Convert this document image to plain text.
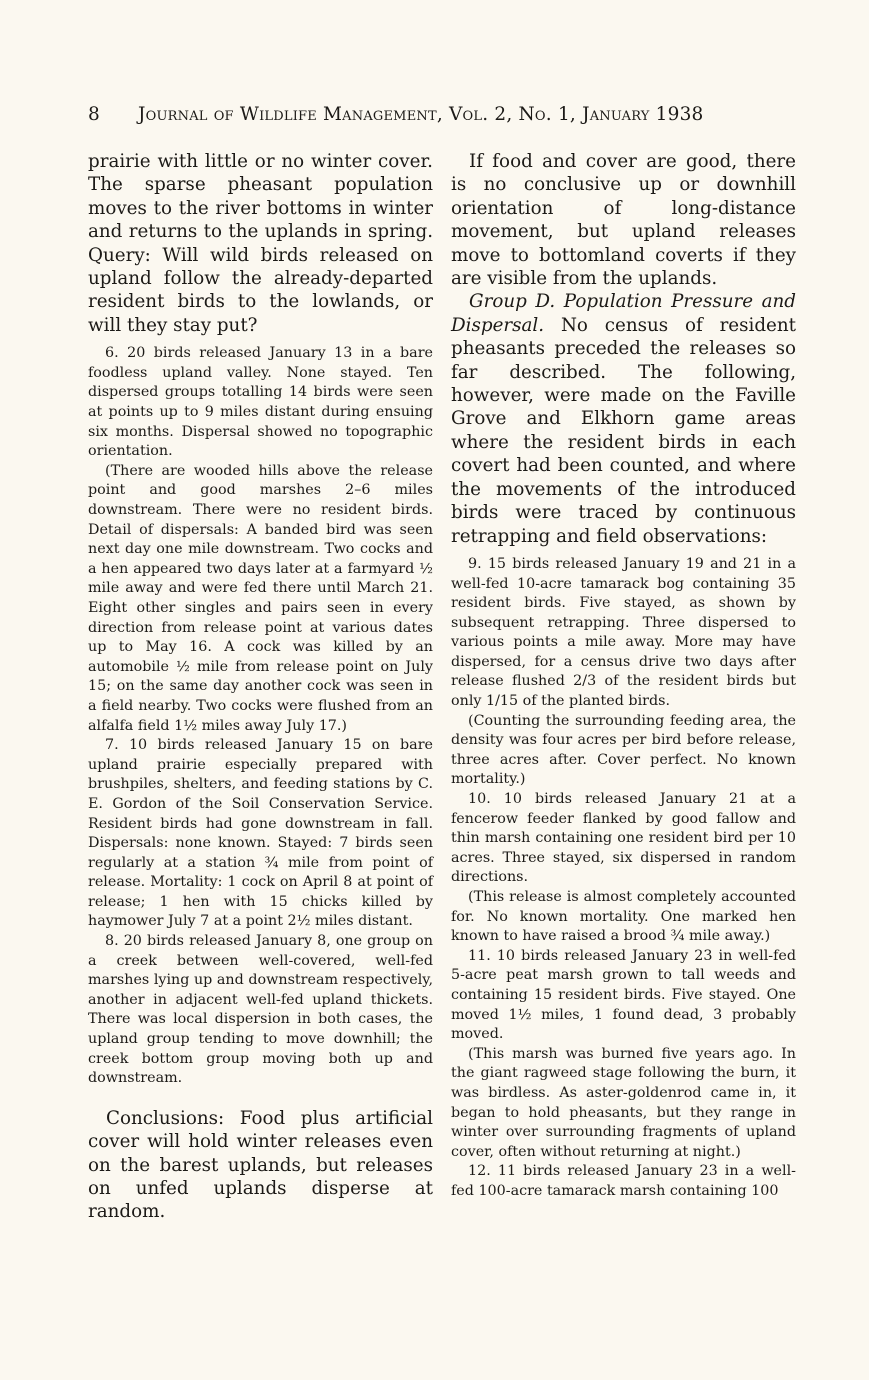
8 Journal of Wildlife Management, Vol. 2, No. 1, January 1938

prairie with little or no winter cover. The sparse pheasant population moves to the river bottoms in winter and returns to the uplands in spring. Query: Will wild birds released on upland follow the already-departed resident birds to the lowlands, or will they stay put?

6. 20 birds released January 13 in a bare foodless upland valley. None stayed. Ten dispersed groups totalling 14 birds were seen at points up to 9 miles distant during ensuing six months. Dispersal showed no topographic orientation.

(There are wooded hills above the release point and good marshes 2–6 miles downstream. There were no resident birds. Detail of dispersals: A banded bird was seen next day one mile downstream. Two cocks and a hen appeared two days later at a farmyard ½ mile away and were fed there until March 21. Eight other singles and pairs seen in every direction from release point at various dates up to May 16. A cock was killed by an automobile ½ mile from release point on July 15; on the same day another cock was seen in a field nearby. Two cocks were flushed from an alfalfa field 1½ miles away July 17.)

7. 10 birds released January 15 on bare upland prairie especially prepared with brushpiles, shelters, and feeding stations by C. E. Gordon of the Soil Conservation Service. Resident birds had gone downstream in fall. Dispersals: none known. Stayed: 7 birds seen regularly at a station ¾ mile from point of release. Mortality: 1 cock on April 8 at point of release; 1 hen with 15 chicks killed by haymower July 7 at a point 2½ miles distant.

8. 20 birds released January 8, one group on a creek between well-covered, well-fed marshes lying up and downstream respectively, another in adjacent well-fed upland thickets. There was local dispersion in both cases, the upland group tending to move downhill; the creek bottom group moving both up and downstream.

Conclusions: Food plus artificial cover will hold winter releases even on the barest uplands, but releases on unfed uplands disperse at random.

If food and cover are good, there is no conclusive up or downhill orientation of long-distance movement, but upland releases move to bottomland coverts if they are visible from the uplands.

Group D. Population Pressure and Dispersal. No census of resident pheasants preceded the releases so far described. The following, however, were made on the Faville Grove and Elkhorn game areas where the resident birds in each covert had been counted, and where the movements of the introduced birds were traced by continuous retrapping and field observations:

9. 15 birds released January 19 and 21 in a well-fed 10-acre tamarack bog containing 35 resident birds. Five stayed, as shown by subsequent retrapping. Three dispersed to various points a mile away. More may have dispersed, for a census drive two days after release flushed 2/3 of the resident birds but only 1/15 of the planted birds.

(Counting the surrounding feeding area, the density was four acres per bird before release, three acres after. Cover perfect. No known mortality.)

10. 10 birds released January 21 at a fencerow feeder flanked by good fallow and thin marsh containing one resident bird per 10 acres. Three stayed, six dispersed in random directions.

(This release is almost completely accounted for. No known mortality. One marked hen known to have raised a brood ¾ mile away.)

11. 10 birds released January 23 in well-fed 5-acre peat marsh grown to tall weeds and containing 15 resident birds. Five stayed. One moved 1½ miles, 1 found dead, 3 probably moved.

(This marsh was burned five years ago. In the giant ragweed stage following the burn, it was birdless. As aster-goldenrod came in, it began to hold pheasants, but they range in winter over surrounding fragments of upland cover, often without returning at night.)

12. 11 birds released January 23 in a well-fed 100-acre tamarack marsh containing 100
